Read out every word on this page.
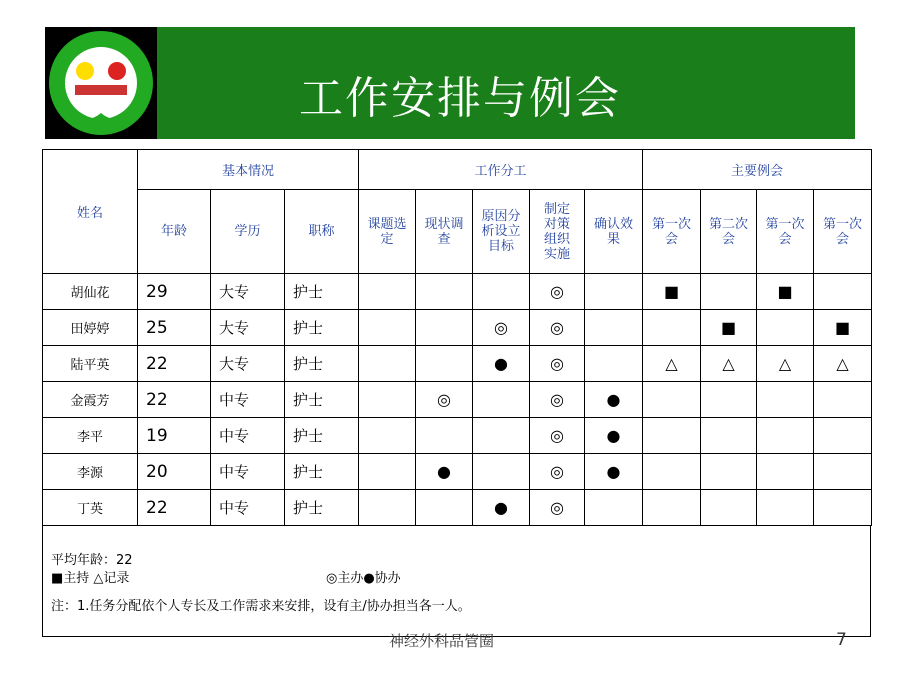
工作安排与例会
姓名	基本情况			工作分工					主要例会			
	年龄	学历	职称	课题选定	现状调查	原因分析设立目标	制定对策组织实施	确认效果	第一次会	第二次会	第一次会	第一次会
胡仙花	29	大专	护士				◎		■		■	
田婷婷	25	大专	护士			◎	◎			■		■
陆平英	22	大专	护士			●	◎		△	△	△	△
金霞芳	22	中专	护士		◎		◎	●				
李平	19	中专	护士				◎	●				
李源	20	中专	护士		●		◎	●				
丁英	22	中专	护士			●	◎					
平均年龄：22
■主持 △记录	◎主办●协办
注：1.任务分配依个人专长及工作需求来安排，设有主/协办担当各一人。
神经外科品管圈	7
